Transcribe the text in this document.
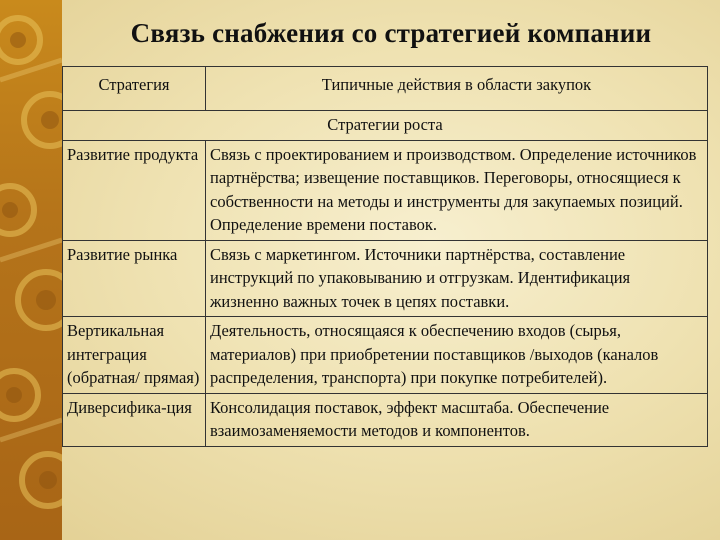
Связь снабжения со стратегией компании
Стратегия	Типичные действия в области закупок
Стратегии роста	
Развитие продукта	Связь с проектированием и производством. Определение источников партнёрства; извещение поставщиков. Переговоры, относящиеся к собственности на методы и инструменты для закупаемых позиций. Определение времени поставок.
Развитие рынка	Связь с маркетингом. Источники партнёрства, составление инструкций по упаковыванию и отгрузкам. Идентификация жизненно важных точек в цепях поставки.
Вертикальная интеграция (обратная/ прямая)	Деятельность, относящаяся к обеспечению входов (сырья, материалов) при приобретении поставщиков /выходов (каналов распределения, транспорта) при покупке потребителей).
Диверсифика-ция	Консолидация поставок, эффект масштаба. Обеспечение взаимозаменяемости методов и компонентов.
